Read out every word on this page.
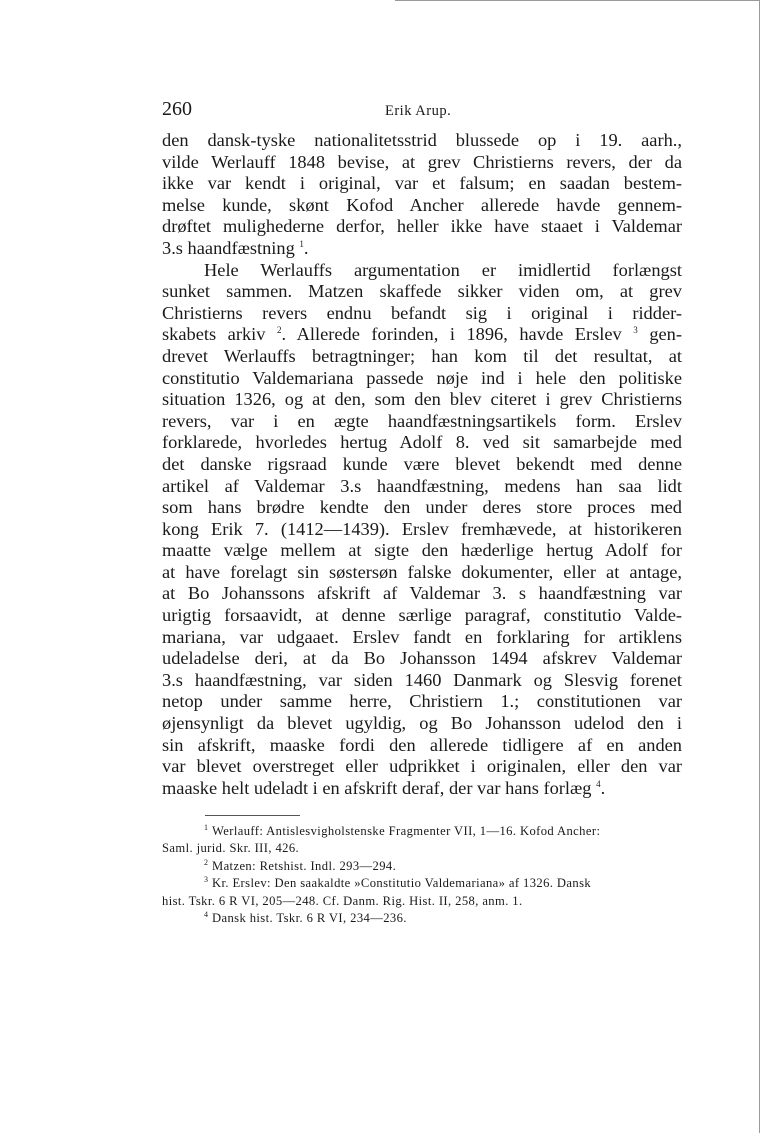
260	Erik Arup.
den dansk-tyske nationalitetsstrid blussede op i 19. aarh.,
vilde Werlauff 1848 bevise, at grev Christierns revers, der da
ikke var kendt i original, var et falsum; en saadan bestem-
melse kunde, skønt Kofod Ancher allerede havde gennem-
drøftet mulighederne derfor, heller ikke have staaet i Valdemar
3.s haandfæstning $^1$.
Hele Werlauffs argumentation er imidlertid forlængst
sunket sammen. Matzen skaffede sikker viden om, at grev
Christierns revers endnu befandt sig i original i ridder-
skabets arkiv $^2$. Allerede forinden, i 1896, havde Erslev $^3$ gen-
drevet Werlauffs betragtninger; han kom til det resultat, at
constitutio Valdemariana passede nøje ind i hele den politiske
situation 1326, og at den, som den blev citeret i grev Christierns
revers, var i en ægte haandfæstningsartikels form. Erslev
forklarede, hvorledes hertug Adolf 8. ved sit samarbejde med
det danske rigsraad kunde være blevet bekendt med denne
artikel af Valdemar 3.s haandfæstning, medens han saa lidt
som hans brødre kendte den under deres store proces med
kong Erik 7. (1412—1439). Erslev fremhævede, at historikeren
maatte vælge mellem at sigte den hæderlige hertug Adolf for
at have forelagt sin søstersøn falske dokumenter, eller at antage,
at Bo Johanssons afskrift af Valdemar 3. s haandfæstning var
urigtig forsaavidt, at denne særlige paragraf, constitutio Valde-
mariana, var udgaaet. Erslev fandt en forklaring for artiklens
udeladelse deri, at da Bo Johansson 1494 afskrev Valdemar
3.s haandfæstning, var siden 1460 Danmark og Slesvig forenet
netop under samme herre, Christiern 1.; constitutionen var
øjensynligt da blevet ugyldig, og Bo Johansson udelod den i
sin afskrift, maaske fordi den allerede tidligere af en anden
var blevet overstreget eller udprikket i originalen, eller den var
maaske helt udeladt i en afskrift deraf, der var hans forlæg $^4$.
$^1$ Werlauff: Antislesvigholstenske Fragmenter VII, 1—16. Kofod Ancher:
Saml. jurid. Skr. III, 426.
$^2$ Matzen: Retshist. Indl. 293—294.
$^3$ Kr. Erslev: Den saakaldte »Constitutio Valdemariana» af 1326. Dansk
hist. Tskr. 6 R VI, 205—248. Cf. Danm. Rig. Hist. II, 258, anm. 1.
$^4$ Dansk hist. Tskr. 6 R VI, 234—236.
